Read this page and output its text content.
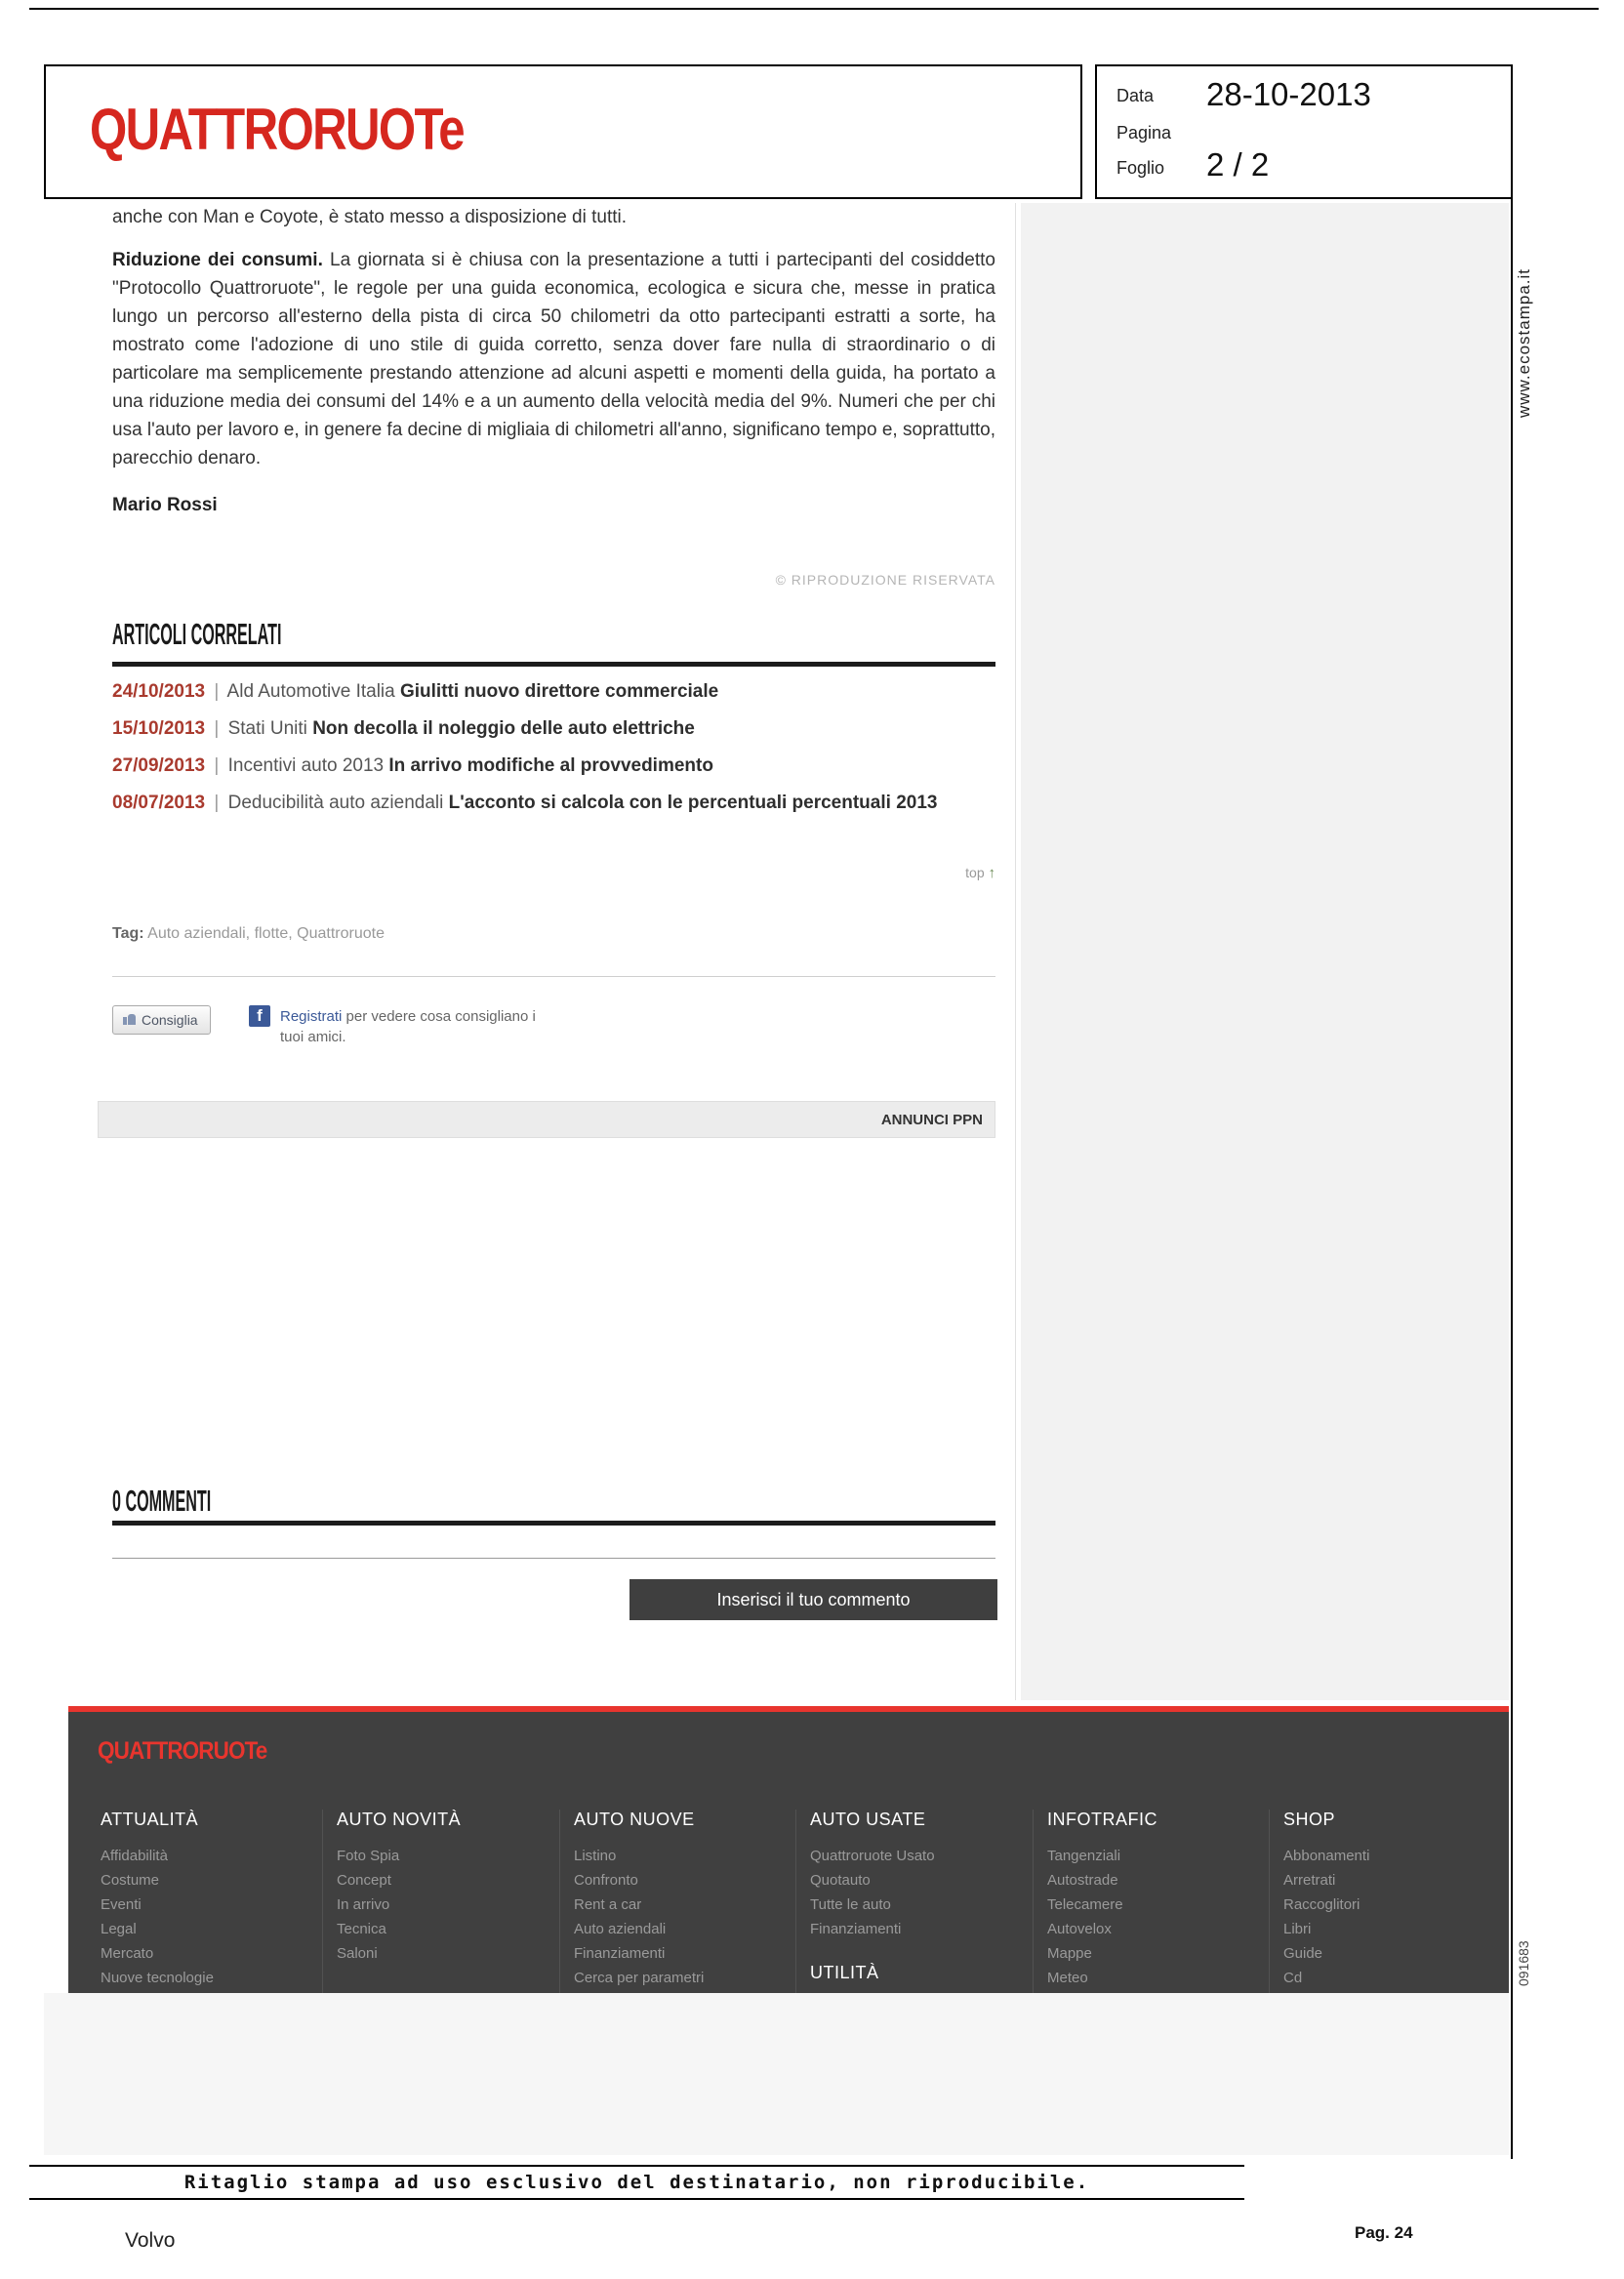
QUATTRORUOTe
Data 28-10-2013
Pagina
Foglio 2 / 2
www.ecostampa.it
091683
anche con Man e Coyote, è stato messo a disposizione di tutti.
Riduzione dei consumi. La giornata si è chiusa con la presentazione a tutti i partecipanti del cosiddetto "Protocollo Quattroruote", le regole per una guida economica, ecologica e sicura che, messe in pratica lungo un percorso all'esterno della pista di circa 50 chilometri da otto partecipanti estratti a sorte, ha mostrato come l'adozione di uno stile di guida corretto, senza dover fare nulla di straordinario o di particolare ma semplicemente prestando attenzione ad alcuni aspetti e momenti della guida, ha portato a una riduzione media dei consumi del 14% e a un aumento della velocità media del 9%. Numeri che per chi usa l'auto per lavoro e, in genere fa decine di migliaia di chilometri all'anno, significano tempo e, soprattutto, parecchio denaro.
Mario Rossi
© RIPRODUZIONE RISERVATA
ARTICOLI CORRELATI
24/10/2013 | Ald Automotive Italia Giulitti nuovo direttore commerciale
15/10/2013 | Stati Uniti Non decolla il noleggio delle auto elettriche
27/09/2013 | Incentivi auto 2013 In arrivo modifiche al provvedimento
08/07/2013 | Deducibilità auto aziendali L'acconto si calcola con le percentuali percentuali 2013
top ↑
Tag: Auto aziendali, flotte, Quattroruote
Consiglia	f	Registrati per vedere cosa consigliano i
tuoi amici.
ANNUNCI PPN
0 COMMENTI
Inserisci il tuo commento
QUATTRORUOTe
ATTUALITÀ
Affidabilità
Costume
Eventi
Legal
Mercato
Nuove tecnologie
AUTO NOVITÀ
Foto Spia
Concept
In arrivo
Tecnica
Saloni
AUTO NUOVE
Listino
Confronto
Rent a car
Auto aziendali
Finanziamenti
Cerca per parametri
AUTO USATE
Quattroruote Usato
Quotauto
Tutte le auto
Finanziamenti
UTILITÀ
INFOTRAFIC
Tangenziali
Autostrade
Telecamere
Autovelox
Mappe
Meteo
SHOP
Abbonamenti
Arretrati
Raccoglitori
Libri
Guide
Cd
Ritaglio stampa ad uso esclusivo del destinatario, non riproducibile.
Volvo	Pag. 24
